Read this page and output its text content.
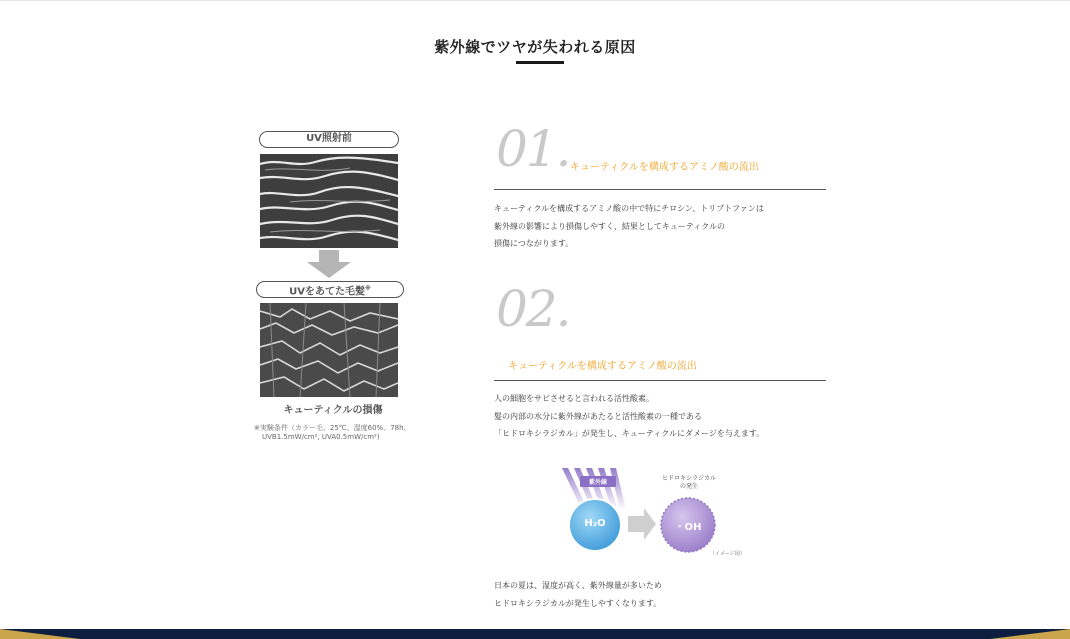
紫外線でツヤが失われる原因
UV照射前
UVをあてた毛髪※
キューティクルの損傷
※実験条件（カラー毛、25℃、湿度60%、78h、
UVB1.5mW/cm², UVA0.5mW/cm²)
01. キューティクルを構成するアミノ酸の流出
キューティクルを構成するアミノ酸の中で特にチロシン、トリプトファンは
紫外線の影響により損傷しやすく、結果としてキューティクルの
損傷につながります。
02.
キューティクルを構成するアミノ酸の流出
人の細胞をサビさせると言われる活性酸素。
髪の内部の水分に紫外線があたると活性酸素の一種である
「ヒドロキシラジカル」が発生し、キューティクルにダメージを与えます。
紫外線
H₂O	・OH
ヒドロキシラジカル
の発生
（イメージ図）
日本の夏は、湿度が高く、紫外線量が多いため
ヒドロキシラジカルが発生しやすくなります。
